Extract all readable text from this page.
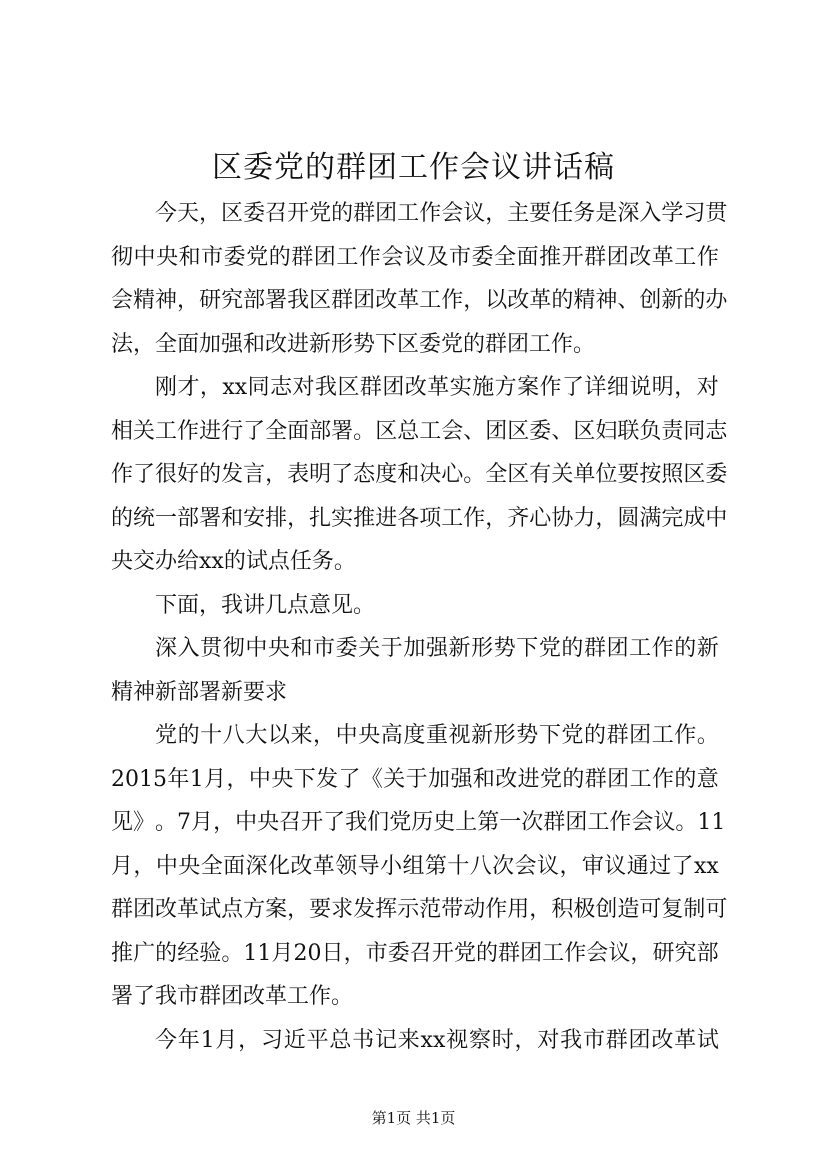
区委党的群团工作会议讲话稿
今 天 ， 区 委 召 开 党 的 群 团 工 作 会 议 ， 主 要 任 务 是 深 入 学 习 贯
彻 中 央 和 市 委 党 的 群 团 工 作 会 议 及 市 委 全 面 推 开 群 团 改 革 工 作
会 精 神 ， 研 究 部 署 我 区 群 团 改 革 工 作 ， 以 改 革 的 精 神 、 创 新 的 办
法，全面加强和改进新形势下区委党的群团工作。
刚 才 ， xx 同 志 对 我 区 群 团 改 革 实 施 方 案 作 了 详 细 说 明 ， 对
相 关 工 作 进 行 了 全 面 部 署 。 区 总 工 会 、 团 区 委 、 区 妇 联 负 责 同 志
作 了 很 好 的 发 言 ， 表 明 了 态 度 和 决 心 。 全 区 有 关 单 位 要 按 照 区 委
的 统 一 部 署 和 安 排 ， 扎 实 推 进 各 项 工 作 ， 齐 心 协 力 ， 圆 满 完 成 中
央交办给xx的试点任务。
下面，我讲几点意见。
深 入 贯 彻 中 央 和 市 委 关 于 加 强 新 形 势 下 党 的 群 团 工 作 的 新
精神新部署新要求
党 的 十 八 大 以 来 ， 中 央 高 度 重 视 新 形 势 下 党 的 群 团 工 作 。
2015 年 1 月 ， 中 央 下 发 了 《 关 于 加 强 和 改 进 党 的 群 团 工 作 的 意
见 》 。 7 月 ， 中 央 召 开 了 我 们 党 历 史 上 第 一 次 群 团 工 作 会 议 。 11
月 ， 中 央 全 面 深 化 改 革 领 导 小 组 第 十 八 次 会 议 ， 审 议 通 过 了 xx
群 团 改 革 试 点 方 案 ， 要 求 发 挥 示 范 带 动 作 用 ， 积 极 创 造 可 复 制 可
推 广 的 经 验 。 11 月 20 日 ， 市 委 召 开 党 的 群 团 工 作 会 议 ， 研 究 部
署了我市群团改革工作。
今 年 1 月 ， 习 近 平 总 书 记 来 xx 视 察 时 ， 对 我 市 群 团 改 革 试
第1页 共1页
